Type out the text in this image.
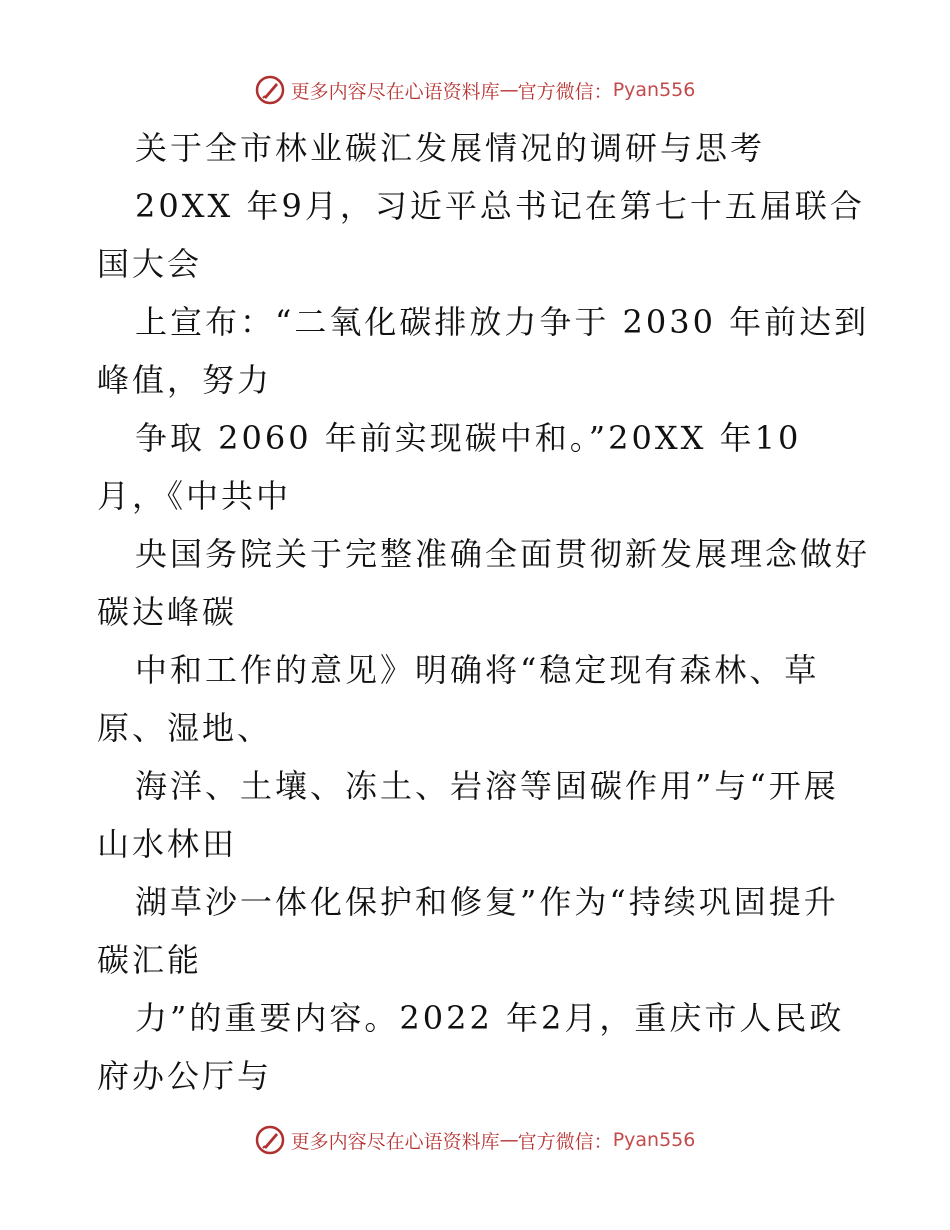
更多内容尽在心语资料库 — 官方微信： Pyan556
关于全市林业碳汇发展情况的调研与思考
20XX 年9月，习近平总书记在第七十五届联合
国大会
上宣布：“二氧化碳排放力争于 2030 年前达到
峰值，努力
争取 2060 年前实现碳中和。”20XX 年10
月，《中共中
央国务院关于完整准确全面贯彻新发展理念做好
碳达峰碳
中和工作的意见》明确将“稳定现有森林、草
原、湿地、
海洋、土壤、冻土、岩溶等固碳作用”与“开展
山水林田
湖草沙一体化保护和修复”作为“持续巩固提升
碳汇能
力”的重要内容。2022 年2月，重庆市人民政
府办公厅与
更多内容尽在心语资料库 — 官方微信： Pyan556
